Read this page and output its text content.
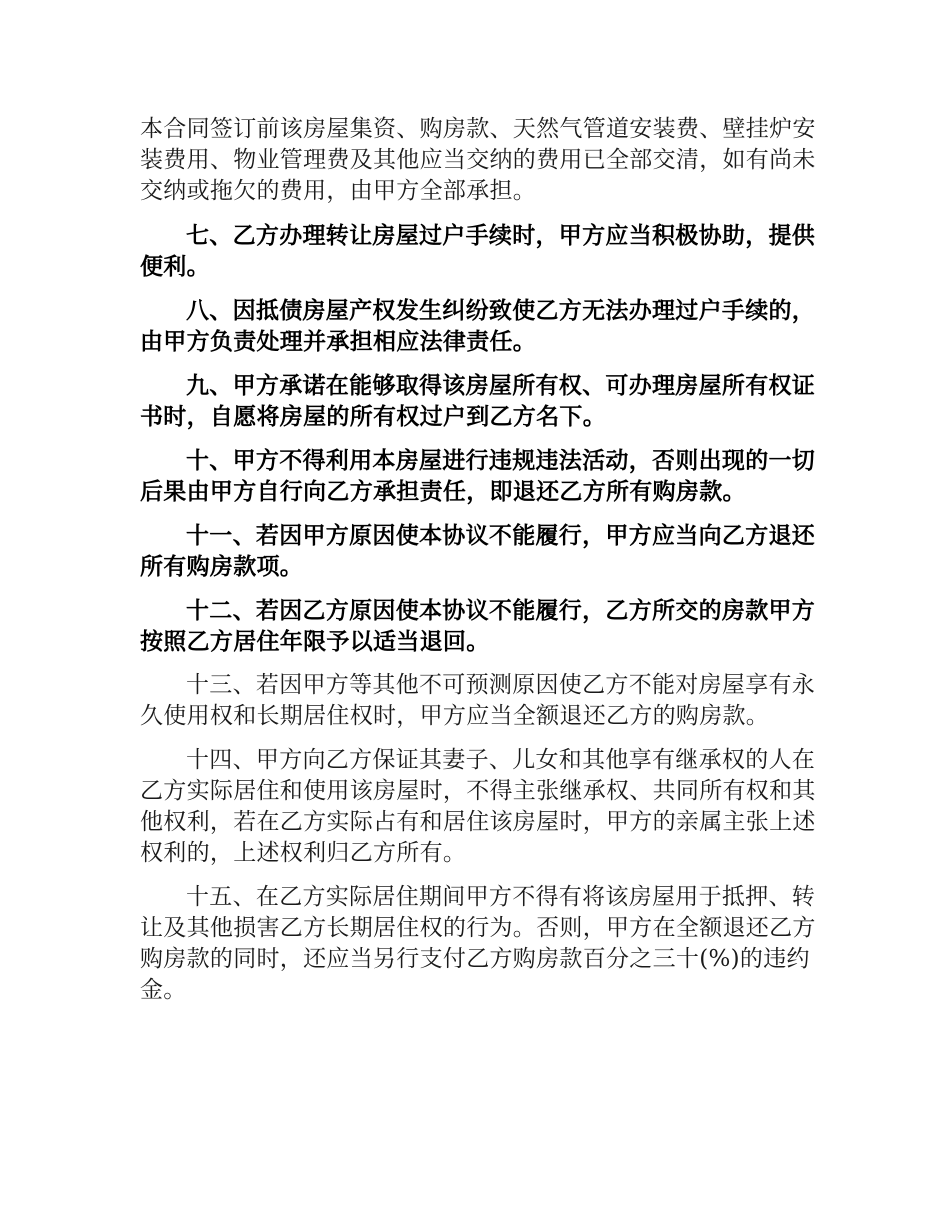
本合同签订前该房屋集资、购房款、天然气管道安装费、壁挂炉安装费用、物业管理费及其他应当交纳的费用已全部交清，如有尚未交纳或拖欠的费用，由甲方全部承担。

七、乙方办理转让房屋过户手续时，甲方应当积极协助，提供便利。

八、因抵债房屋产权发生纠纷致使乙方无法办理过户手续的，由甲方负责处理并承担相应法律责任。

九、甲方承诺在能够取得该房屋所有权、可办理房屋所有权证书时，自愿将房屋的所有权过户到乙方名下。

十、甲方不得利用本房屋进行违规违法活动，否则出现的一切后果由甲方自行向乙方承担责任，即退还乙方所有购房款。

十一、若因甲方原因使本协议不能履行，甲方应当向乙方退还所有购房款项。

十二、若因乙方原因使本协议不能履行，乙方所交的房款甲方按照乙方居住年限予以适当退回。

十三、若因甲方等其他不可预测原因使乙方不能对房屋享有永久使用权和长期居住权时，甲方应当全额退还乙方的购房款。

十四、甲方向乙方保证其妻子、儿女和其他享有继承权的人在乙方实际居住和使用该房屋时，不得主张继承权、共同所有权和其他权利，若在乙方实际占有和居住该房屋时，甲方的亲属主张上述权利的，上述权利归乙方所有。

十五、在乙方实际居住期间甲方不得有将该房屋用于抵押、转让及其他损害乙方长期居住权的行为。否则，甲方在全额退还乙方购房款的同时，还应当另行支付乙方购房款百分之三十(%)的违约金。
